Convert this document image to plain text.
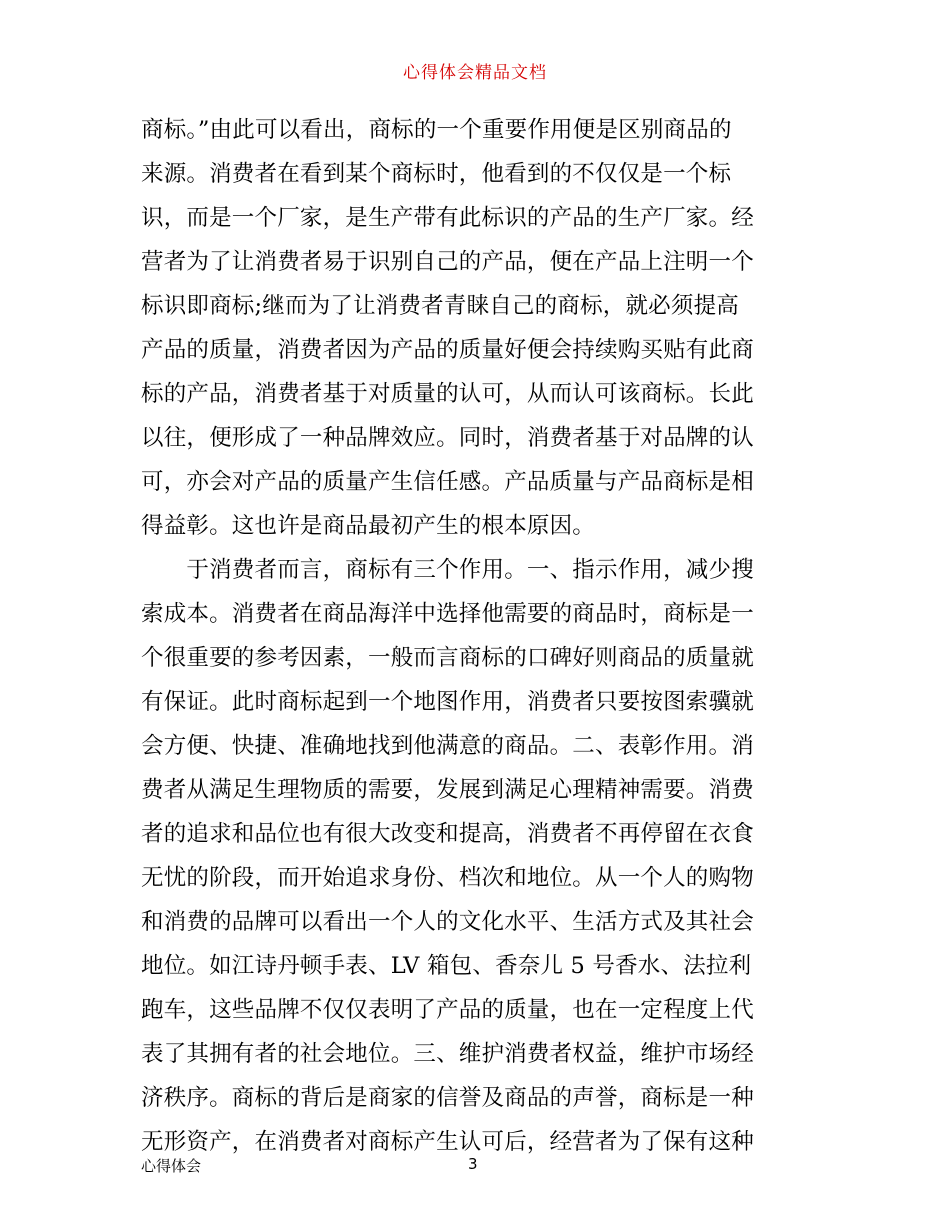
心得体会精品文档
商标。”由此可以看出，商标的一个重要作用便是区别商品的
来源。消费者在看到某个商标时，他看到的不仅仅是一个标
识，而是一个厂家，是生产带有此标识的产品的生产厂家。经
营者为了让消费者易于识别自己的产品，便在产品上注明一个
标识即商标;继而为了让消费者青睐自己的商标，就必须提高
产品的质量，消费者因为产品的质量好便会持续购买贴有此商
标的产品，消费者基于对质量的认可，从而认可该商标。长此
以往，便形成了一种品牌效应。同时，消费者基于对品牌的认
可，亦会对产品的质量产生信任感。产品质量与产品商标是相
得益彰。这也许是商品最初产生的根本原因。
　　于消费者而言，商标有三个作用。一、指示作用，减少搜
索成本。消费者在商品海洋中选择他需要的商品时，商标是一
个很重要的参考因素，一般而言商标的口碑好则商品的质量就
有保证。此时商标起到一个地图作用，消费者只要按图索骥就
会方便、快捷、准确地找到他满意的商品。二、表彰作用。消
费者从满足生理物质的需要，发展到满足心理精神需要。消费
者的追求和品位也有很大改变和提高，消费者不再停留在衣食
无忧的阶段，而开始追求身份、档次和地位。从一个人的购物
和消费的品牌可以看出一个人的文化水平、生活方式及其社会
地位。如江诗丹顿手表、LV 箱包、香奈儿 5 号香水、法拉利
跑车，这些品牌不仅仅表明了产品的质量，也在一定程度上代
表了其拥有者的社会地位。三、维护消费者权益，维护市场经
济秩序。商标的背后是商家的信誉及商品的声誉，商标是一种
无形资产，在消费者对商标产生认可后，经营者为了保有这种
心得体会	3
